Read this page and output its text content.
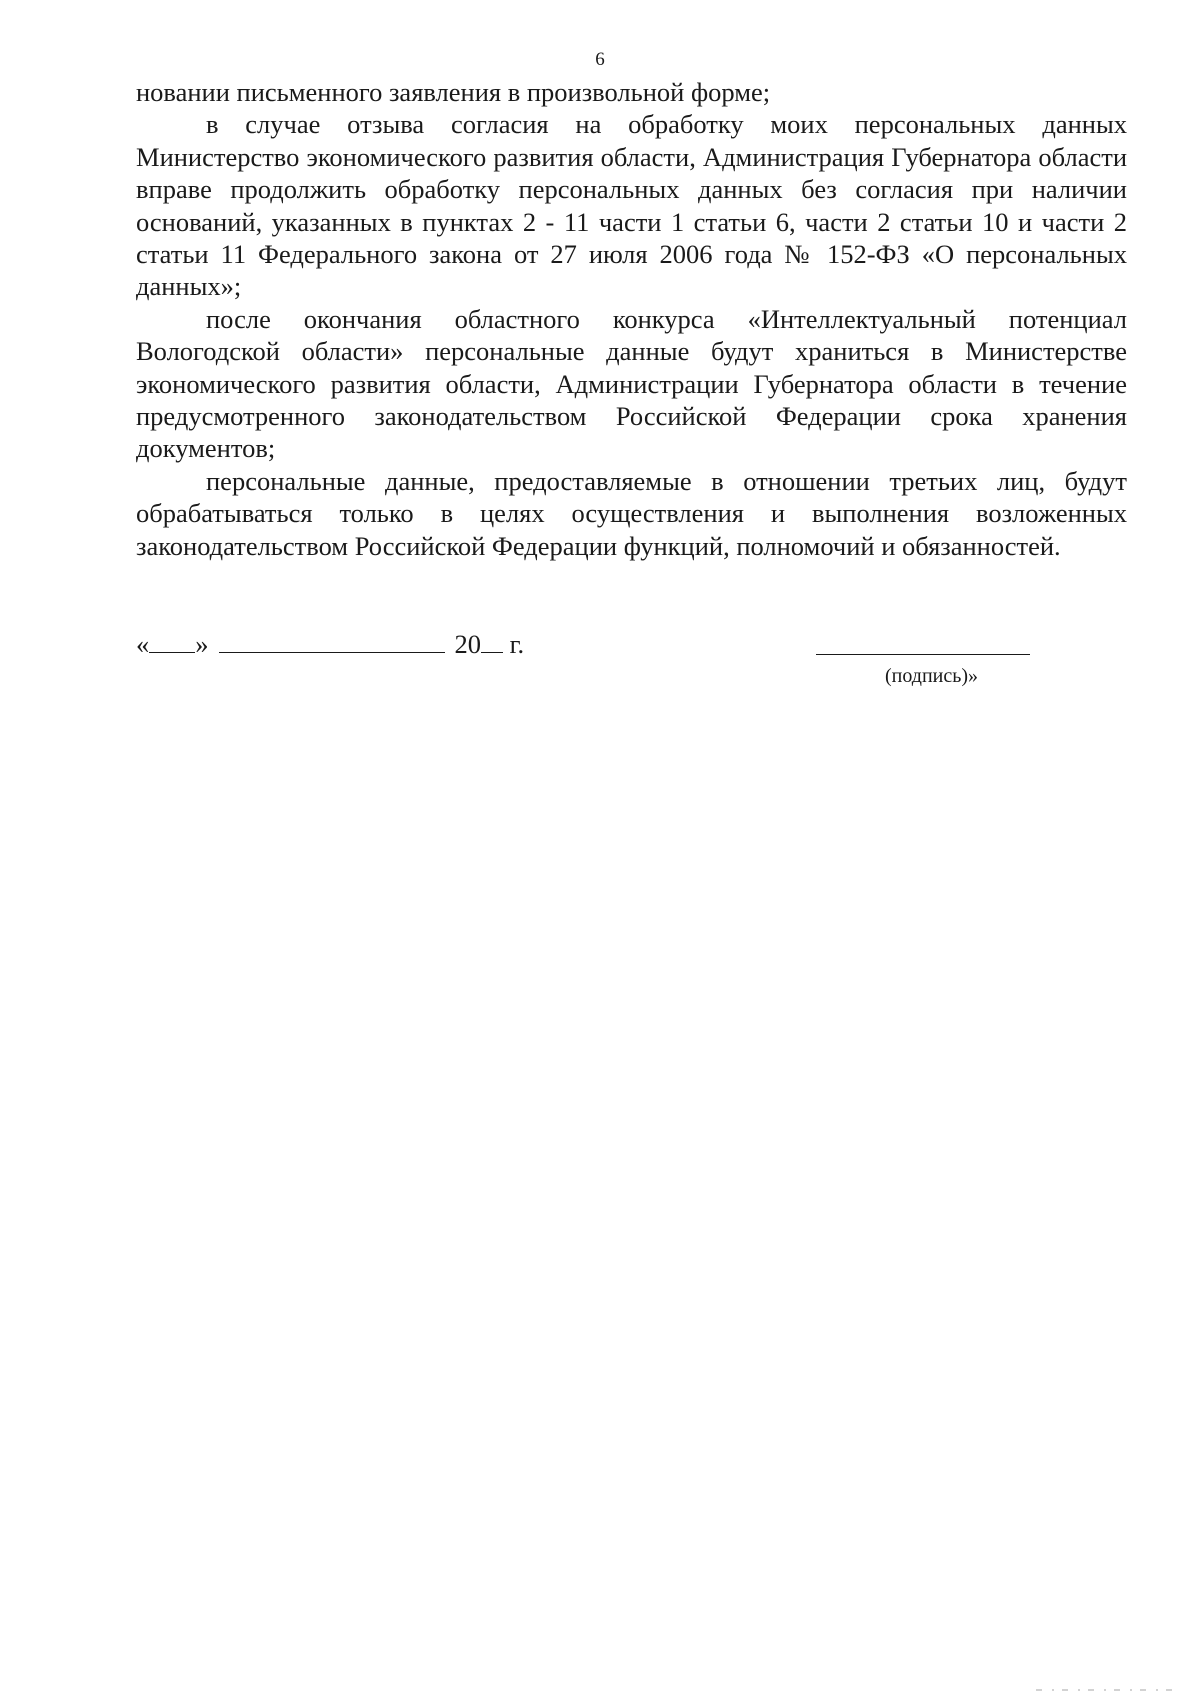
6

новании письменного заявления в произвольной форме;

в случае отзыва согласия на обработку моих персональных данных Министерство экономического развития области, Администрация Губернатора области вправе продолжить обработку персональных данных без согласия при наличии оснований, указанных в пунктах 2 - 11 части 1 статьи 6, части 2 статьи 10 и части 2 статьи 11 Федерального закона от 27 июля 2006 года № 152-ФЗ «О персональных данных»;

после окончания областного конкурса «Интеллектуальный потенциал Вологодской области» персональные данные будут храниться в Министерстве экономического развития области, Администрации Губернатора области в течение предусмотренного законодательством Российской Федерации срока хранения документов;

персональные данные, предоставляемые в отношении третьих лиц, будут обрабатываться только в целях осуществления и выполнения возложенных законодательством Российской Федерации функций, полномочий и обязанностей.

« »	20 г.
(подпись)»
